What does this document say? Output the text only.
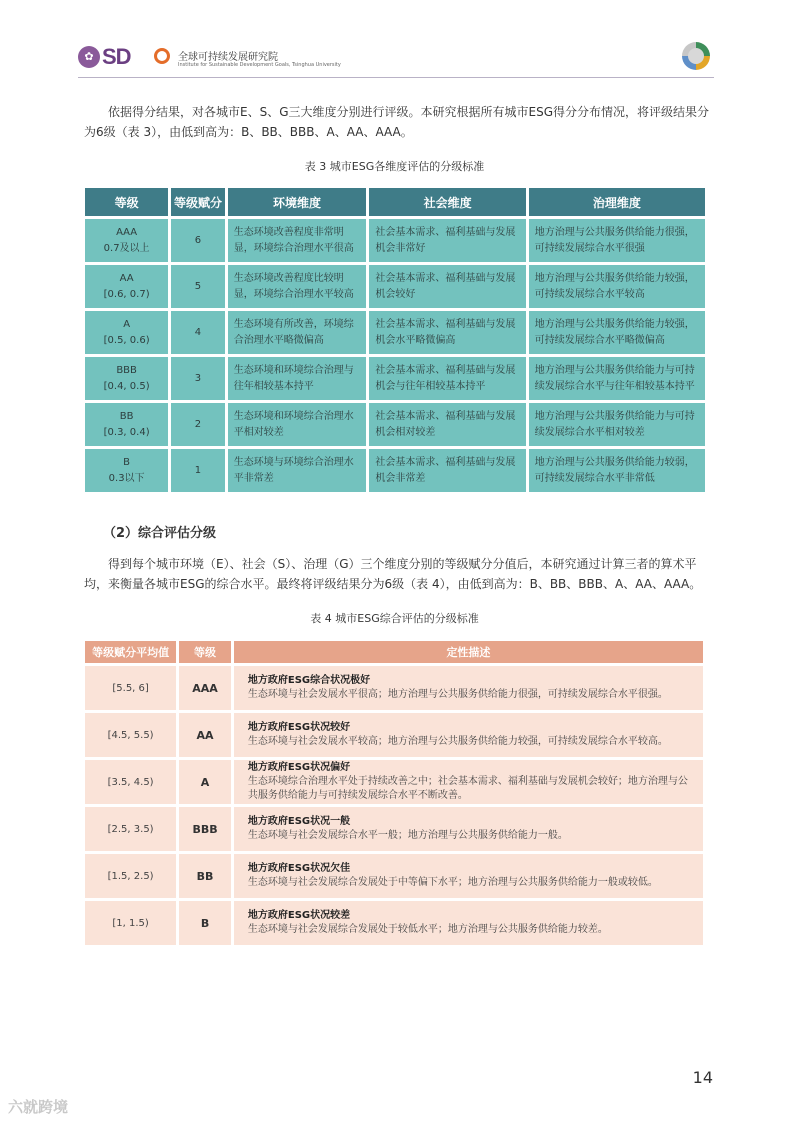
✿ SD	全球可持续发展研究院
Institute for Sustainable Development Goals, Tsinghua University

依据得分结果，对各城市E、S、G三大维度分别进行评级。本研究根据所有城市ESG得分分布情况，将评级结果分为6级（表 3），由低到高为：B、BB、BBB、A、AA、AAA。

表 3 城市ESG各维度评估的分级标准
等级	等级赋分	环境维度	社会维度	治理维度

AAA
0.7及以上	6	生态环境改善程度非常明显，环境综合治理水平很高	社会基本需求、福利基础与发展机会非常好	地方治理与公共服务供给能力很强，可持续发展综合水平很强

AA
[0.6, 0.7)	5	生态环境改善程度比较明显，环境综合治理水平较高	社会基本需求、福利基础与发展机会较好	地方治理与公共服务供给能力较强，可持续发展综合水平较高

A
[0.5, 0.6)	4	生态环境有所改善，环境综合治理水平略微偏高	社会基本需求、福利基础与发展机会水平略微偏高	地方治理与公共服务供给能力较强，可持续发展综合水平略微偏高

BBB
[0.4, 0.5)	3	生态环境和环境综合治理与往年相较基本持平	社会基本需求、福利基础与发展机会与往年相较基本持平	地方治理与公共服务供给能力与可持续发展综合水平与往年相较基本持平

BB
[0.3, 0.4)	2	生态环境和环境综合治理水平相对较差	社会基本需求、福利基础与发展机会相对较差	地方治理与公共服务供给能力与可持续发展综合水平相对较差

B
0.3以下	1	生态环境与环境综合治理水平非常差	社会基本需求、福利基础与发展机会非常差	地方治理与公共服务供给能力较弱，可持续发展综合水平非常低
（2）综合评估分级

得到每个城市环境（E）、社会（S）、治理（G）三个维度分别的等级赋分分值后，本研究通过计算三者的算术平均，来衡量各城市ESG的综合水平。最终将评级结果分为6级（表 4），由低到高为：B、BB、BBB、A、AA、AAA。

表 4 城市ESG综合评估的分级标准
等级赋分平均值	等级	定性描述
[5.5, 6]	AAA	地方政府ESG综合状况极好
生态环境与社会发展水平很高；地方治理与公共服务供给能力很强，可持续发展综合水平很强。

[4.5, 5.5)	AA	地方政府ESG状况较好
生态环境与社会发展水平较高；地方治理与公共服务供给能力较强，可持续发展综合水平较高。

[3.5, 4.5)	A	地方政府ESG状况偏好
生态环境综合治理水平处于持续改善之中；社会基本需求、福利基础与发展机会较好；地方治理与公共服务供给能力与可持续发展综合水平不断改善。

[2.5, 3.5)	BBB	地方政府ESG状况一般
生态环境与社会发展综合水平一般；地方治理与公共服务供给能力一般。

[1.5, 2.5)	BB	地方政府ESG状况欠佳
生态环境与社会发展综合发展处于中等偏下水平；地方治理与公共服务供给能力一般或较低。

[1, 1.5)	B	地方政府ESG状况较差
生态环境与社会发展综合发展处于较低水平；地方治理与公共服务供给能力较差。
14
六就跨境
